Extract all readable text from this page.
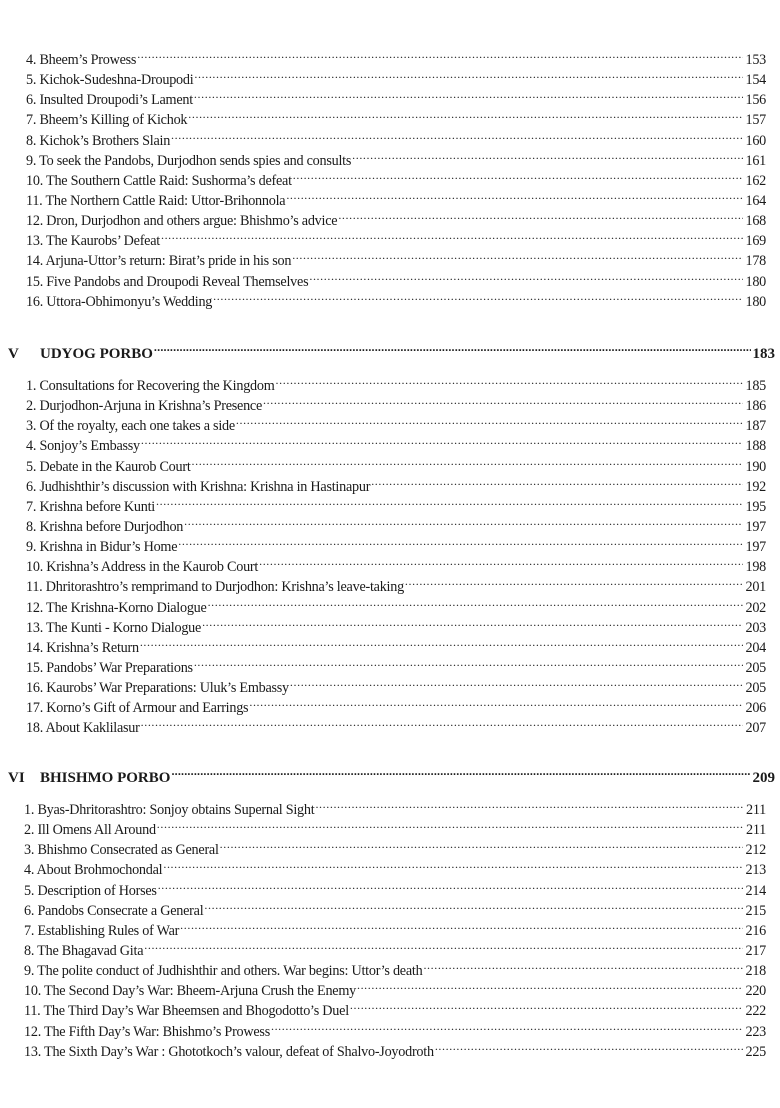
4. Bheem’s Prowess .....	153
5. Kichok-Sudeshna-Droupodi .....	154
6. Insulted Droupodi’s Lament .....	156
7. Bheem’s Killing of Kichok .....	157
8. Kichok’s Brothers Slain .....	160
9. To seek the Pandobs, Durjodhon sends spies and consults .....	161
10. The Southern Cattle Raid: Sushorma’s defeat .....	162
11. The Northern Cattle Raid: Uttor-Brihonnola .....	164
12. Dron, Durjodhon and others argue: Bhishmo’s advice .....	168
13. The Kaurobs’ Defeat .....	169
14. Arjuna-Uttor’s return: Birat’s pride in his son .....	178
15. Five Pandobs and Droupodi Reveal Themselves .....	180
16. Uttora-Obhimonyu’s Wedding .....	180
V	UDYOG PORBO .....	183
1. Consultations for Recovering the Kingdom .....	185
2. Durjodhon-Arjuna in Krishna’s Presence .....	186
3. Of the royalty, each one takes a side .....	187
4. Sonjoy’s Embassy .....	188
5. Debate in the Kaurob Court .....	190
6. Judhishthir’s discussion with Krishna: Krishna in Hastinapur .....	192
7. Krishna before Kunti .....	195
8. Krishna before Durjodhon .....	197
9. Krishna in Bidur’s Home .....	197
10. Krishna’s Address in the Kaurob Court .....	198
11. Dhritorashtro’s remprimand to Durjodhon: Krishna’s leave-taking .....	201
12. The Krishna-Korno Dialogue .....	202
13. The Kunti - Korno Dialogue .....	203
14. Krishna’s Return .....	204
15. Pandobs’ War Preparations .....	205
16. Kaurobs’ War Preparations: Uluk’s Embassy .....	205
17. Korno’s Gift of Armour and Earrings .....	206
18. About Kaklilasur .....	207
VI	BHISHMO PORBO .....	209
1. Byas-Dhritorashtro: Sonjoy obtains Supernal Sight .....	211
2. Ill Omens All Around .....	211
3. Bhishmo Consecrated as General .....	212
4. About Brohmochondal .....	213
5. Description of Horses .....	214
6. Pandobs Consecrate a General .....	215
7. Establishing Rules of War .....	216
8. The Bhagavad Gita .....	217
9. The polite conduct of Judhishthir and others. War begins: Uttor’s death .....	218
10. The Second Day’s War: Bheem-Arjuna Crush the Enemy .....	220
11. The Third Day’s War Bheemsen and Bhogodotto’s Duel .....	222
12. The Fifth Day’s War: Bhishmo’s Prowess .....	223
13. The Sixth Day’s War : Ghototkoch’s valour, defeat of Shalvo-Joyodroth .....	225
